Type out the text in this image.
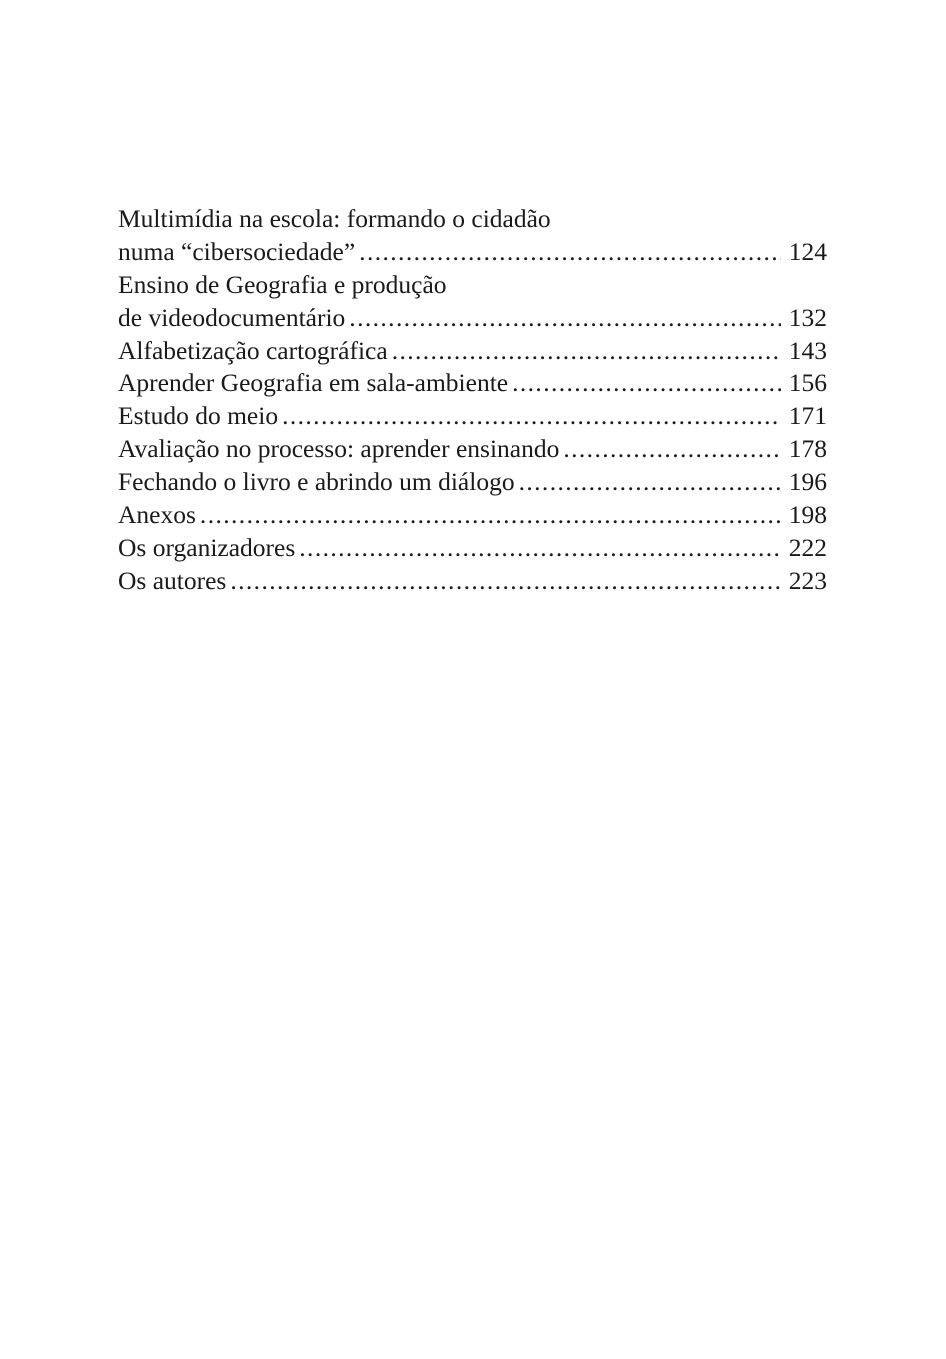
Multimídia na escola: formando o cidadão
numa “cibersociedade” .....	124
Ensino de Geografia e produção
de videodocumentário .....	132
Alfabetização cartográfica .....	143
Aprender Geografia em sala-ambiente .....	156
Estudo do meio .....	171
Avaliação no processo: aprender ensinando .....	178
Fechando o livro e abrindo um diálogo .....	196
Anexos .....	198
Os organizadores .....	222
Os autores .....	223
